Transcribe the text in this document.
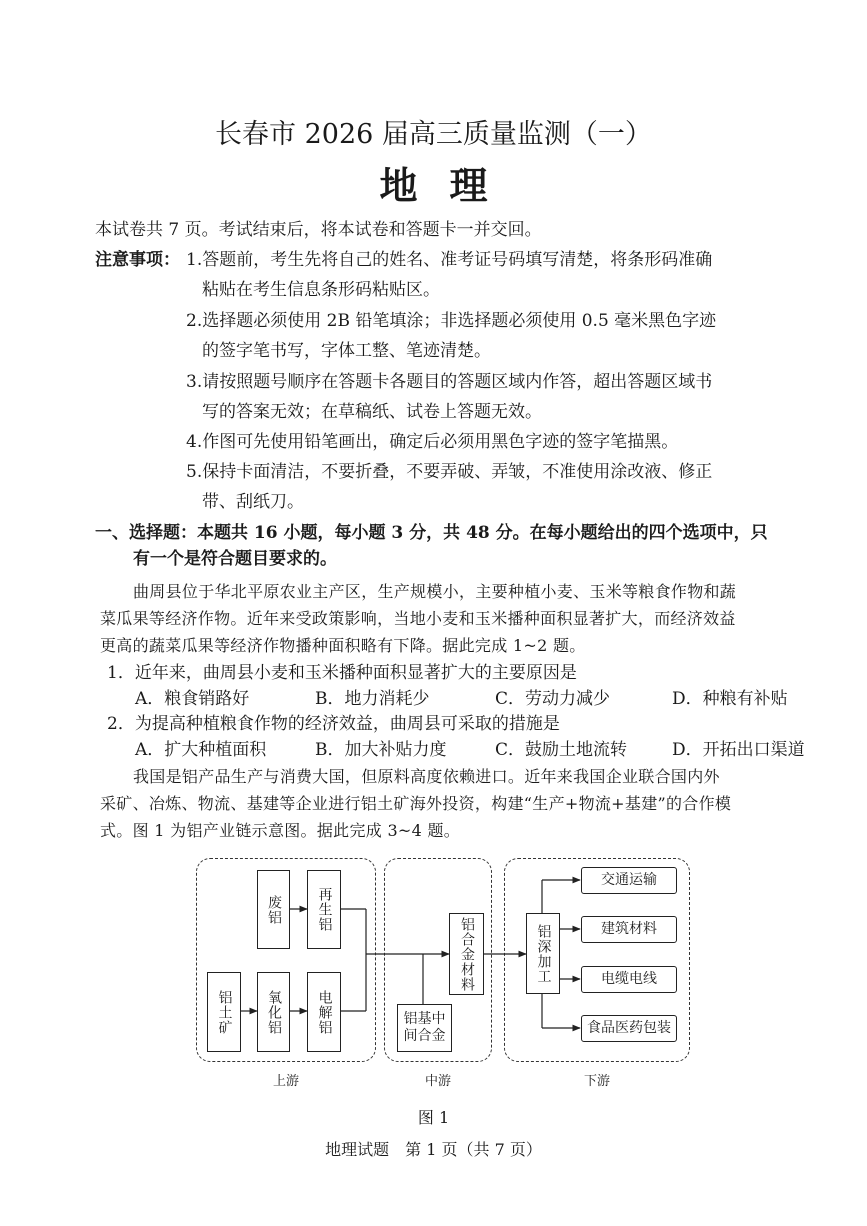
长春市 2026 届高三质量监测（一）
地理
本试卷共 7 页。考试结束后，将本试卷和答题卡一并交回。
注意事项： 1.答题前，考生先将自己的姓名、准考证号码填写清楚，将条形码准确
粘贴在考生信息条形码粘贴区。
2.选择题必须使用 2B 铅笔填涂；非选择题必须使用 0.5 毫米黑色字迹
的签字笔书写，字体工整、笔迹清楚。
3.请按照题号顺序在答题卡各题目的答题区域内作答，超出答题区域书
写的答案无效；在草稿纸、试卷上答题无效。
4.作图可先使用铅笔画出，确定后必须用黑色字迹的签字笔描黑。
5.保持卡面清洁，不要折叠，不要弄破、弄皱，不准使用涂改液、修正
带、刮纸刀。
一、选择题：本题共 16 小题，每小题 3 分，共 48 分。在每小题给出的四个选项中，只
有一个是符合题目要求的。
曲周县位于华北平原农业主产区，生产规模小，主要种植小麦、玉米等粮食作物和蔬
菜瓜果等经济作物。近年来受政策影响，当地小麦和玉米播种面积显著扩大，而经济效益
更高的蔬菜瓜果等经济作物播种面积略有下降。据此完成 1~2 题。
1．近年来，曲周县小麦和玉米播种面积显著扩大的主要原因是
A．粮食销路好	B．地力消耗少	C．劳动力减少	D．种粮有补贴
2．为提高种植粮食作物的经济效益，曲周县可采取的措施是
A．扩大种植面积	B．加大补贴力度	C．鼓励土地流转	D．开拓出口渠道
我国是铝产品生产与消费大国，但原料高度依赖进口。近年来我国企业联合国内外
采矿、冶炼、物流、基建等企业进行铝土矿海外投资，构建“生产+物流+基建”的合作模
式。图 1 为铝产业链示意图。据此完成 3~4 题。
废铝	再生铝
铝土矿	氧化铝	电解铝
铝合金材料
铝基中间合金
铝深加工
交通运输
建筑材料
电缆电线
食品医药包装
上游	中游	下游
图 1
地理试题　第 1 页（共 7 页）
